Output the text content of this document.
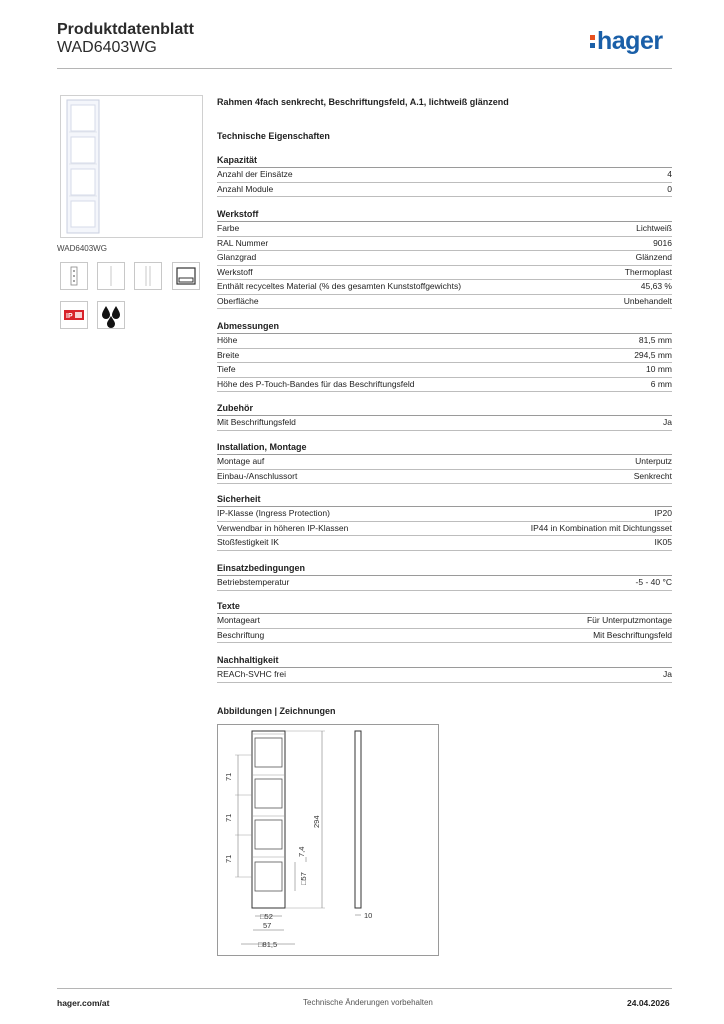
Produktdatenblatt
WAD6403WG	hager
WAD6403WG
IP
Rahmen 4fach senkrecht, Beschriftungsfeld, A.1, lichtweiß glänzend
Technische Eigenschaften
Kapazität
Anzahl der Einsätze	4
Anzahl Module	0
Werkstoff
Farbe	Lichtweiß
RAL Nummer	9016
Glanzgrad	Glänzend
Werkstoff	Thermoplast
Enthält recyceltes Material (% des gesamten Kunststoffgewichts)	45,63 %
Oberfläche	Unbehandelt
Abmessungen
Höhe	81,5 mm
Breite	294,5 mm
Tiefe	10 mm
Höhe des P-Touch-Bandes für das Beschriftungsfeld	6 mm
Zubehör
Mit Beschriftungsfeld	Ja
Installation, Montage
Montage auf	Unterputz
Einbau-/Anschlussort	Senkrecht
Sicherheit
IP-Klasse (Ingress Protection)	IP20
Verwendbar in höheren IP-Klassen	IP44 in Kombination mit Dichtungsset
Stoßfestigkeit IK	IK05
Einsatzbedingungen
Betriebstemperatur	-5 - 40 °C
Texte
Montageart	Für Unterputzmontage
Beschriftung	Mit Beschriftungsfeld
Nachhaltigkeit
REACh-SVHC frei	Ja
Abbildungen | Zeichnungen
71
71
71
294
7,4
□57
□52
57
□81,5
10
hager.com/at	Technische Änderungen vorbehalten	24.04.2026
